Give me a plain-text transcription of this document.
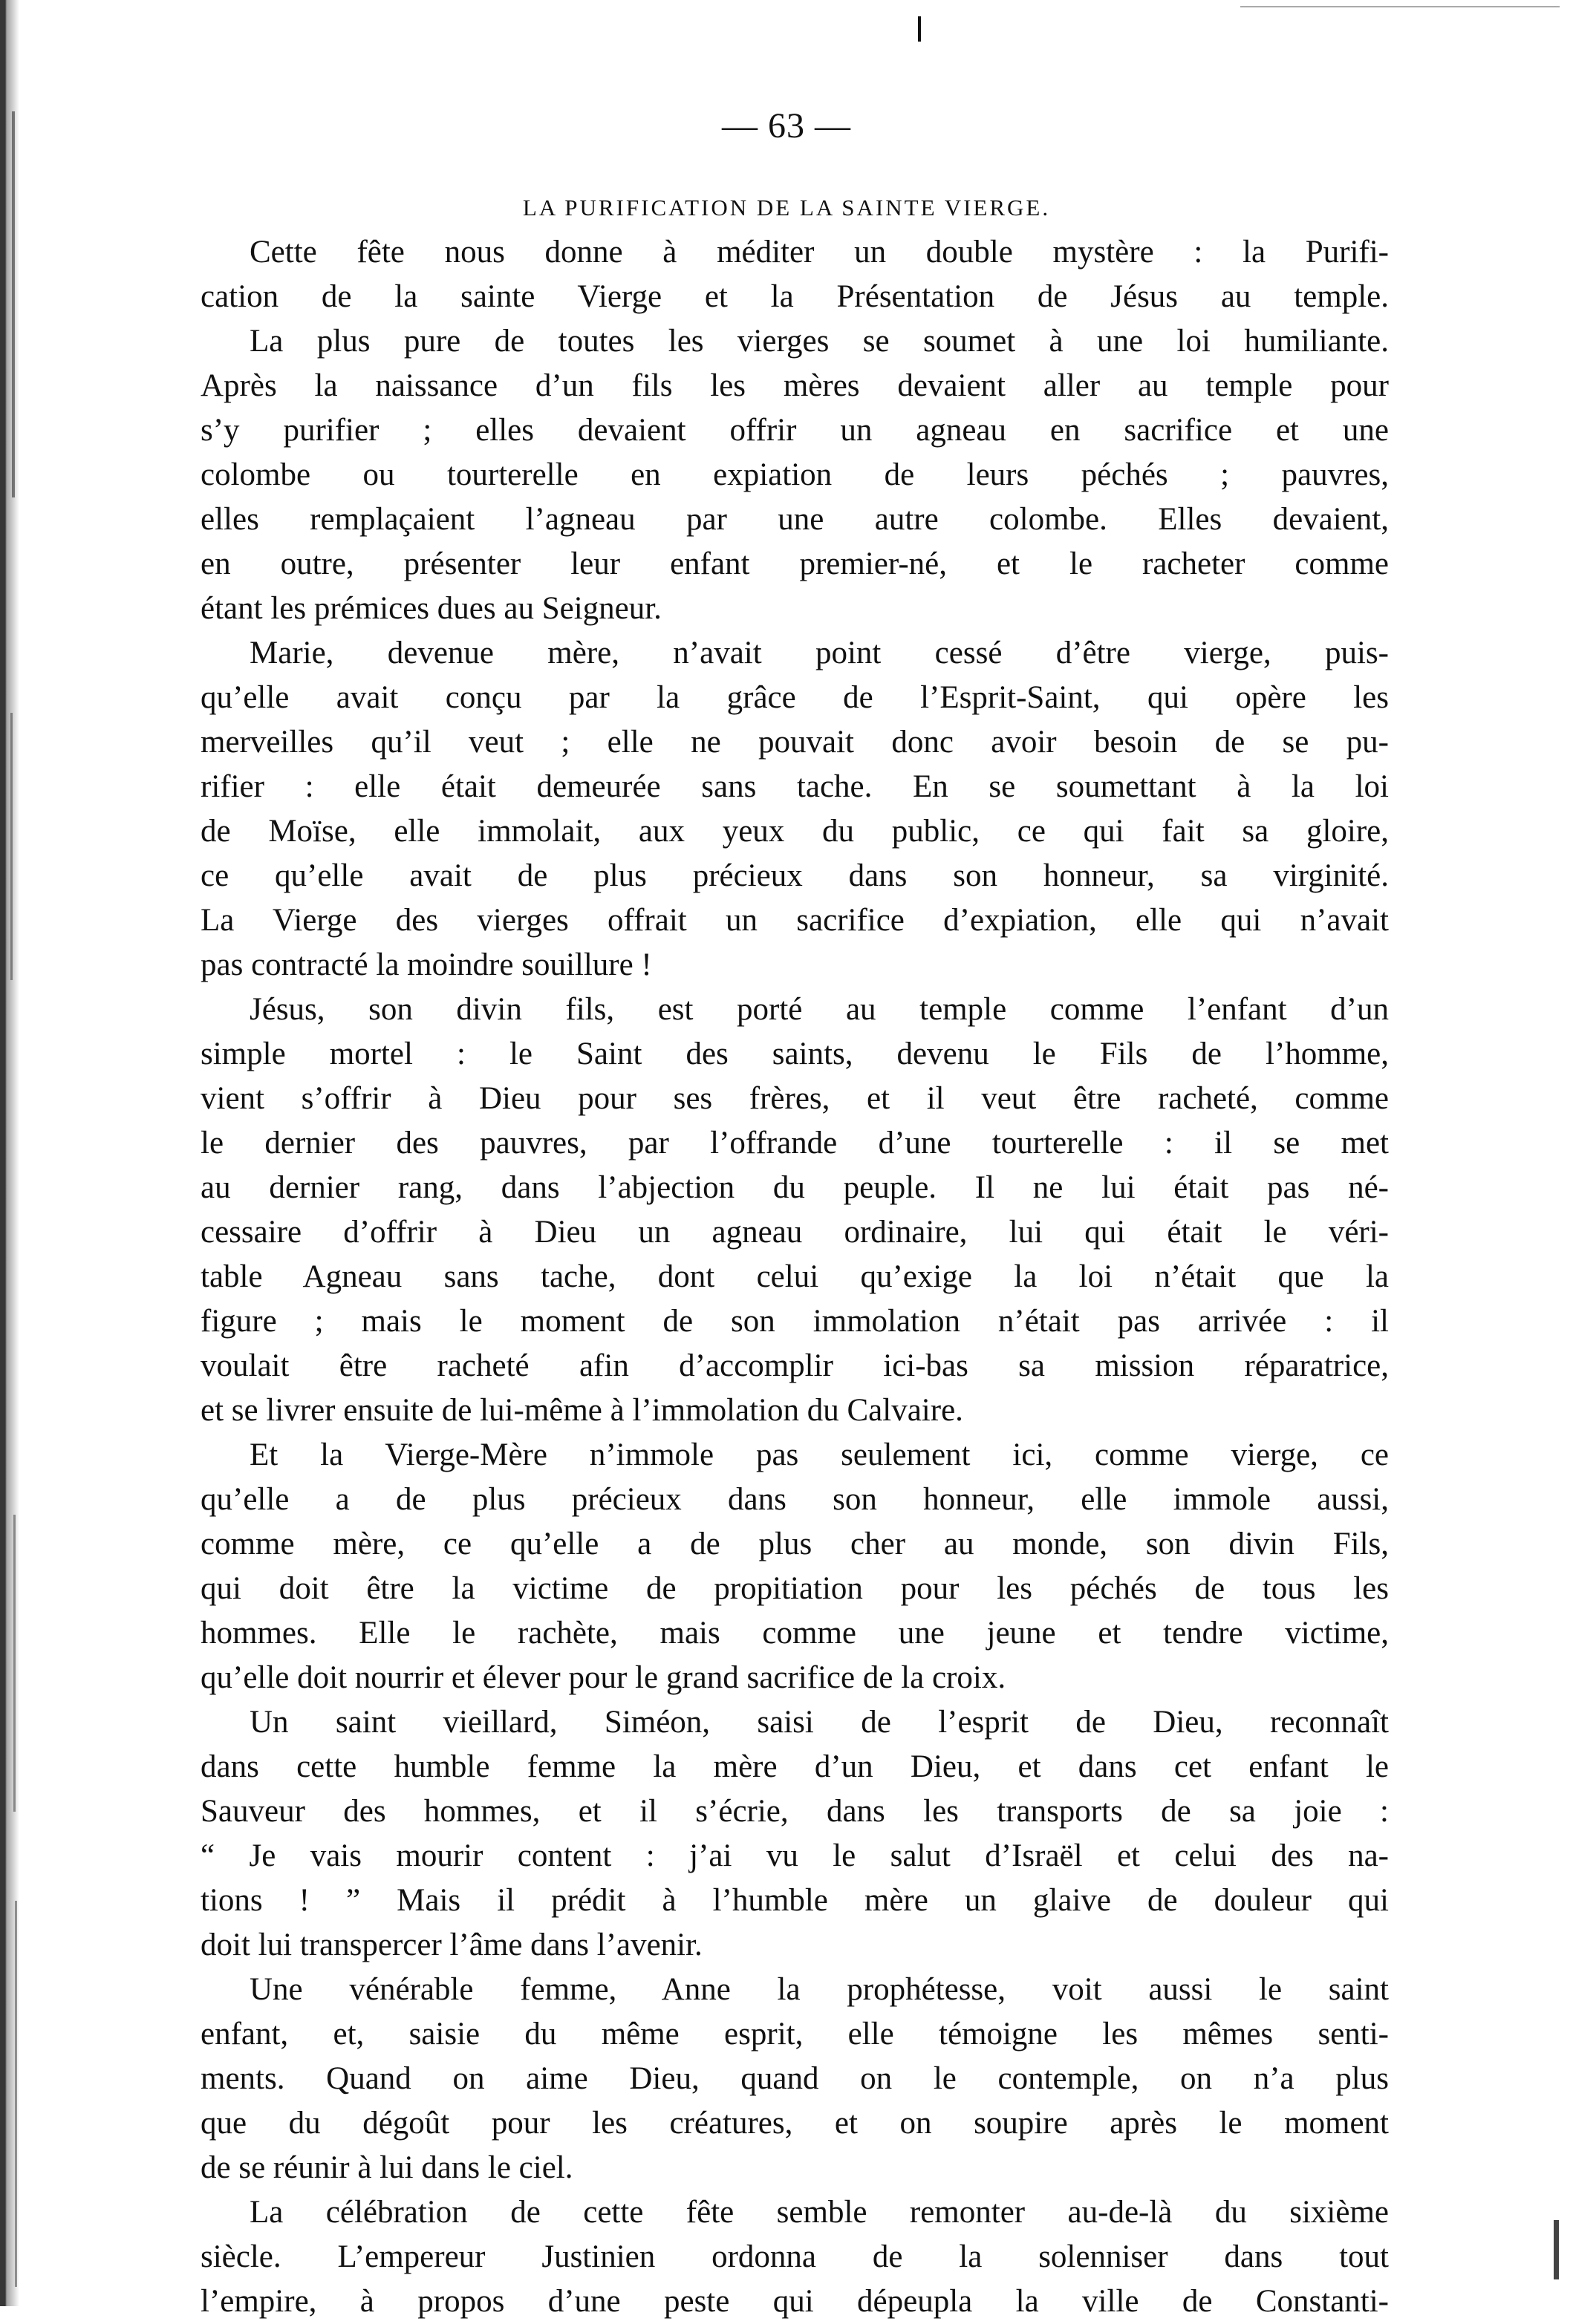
— 63 —
LA PURIFICATION DE LA SAINTE VIERGE.

Cette fête nous donne à méditer un double mystère : la Purifi-
cation de la sainte Vierge et la Présentation de Jésus au temple.
La plus pure de toutes les vierges se soumet à une loi humiliante.
Après la naissance d’un fils les mères devaient aller au temple pour
s’y purifier ; elles devaient offrir un agneau en sacrifice et une
colombe ou tourterelle en expiation de leurs péchés ; pauvres,
elles remplaçaient l’agneau par une autre colombe. Elles devaient,
en outre, présenter leur enfant premier-né, et le racheter comme
étant les prémices dues au Seigneur.

Marie, devenue mère, n’avait point cessé d’être vierge, puis-
qu’elle avait conçu par la grâce de l’Esprit-Saint, qui opère les
merveilles qu’il veut ; elle ne pouvait donc avoir besoin de se pu-
rifier : elle était demeurée sans tache. En se soumettant à la loi
de Moïse, elle immolait, aux yeux du public, ce qui fait sa gloire,
ce qu’elle avait de plus précieux dans son honneur, sa virginité.
La Vierge des vierges offrait un sacrifice d’expiation, elle qui n’avait
pas contracté la moindre souillure !

Jésus, son divin fils, est porté au temple comme l’enfant d’un
simple mortel : le Saint des saints, devenu le Fils de l’homme,
vient s’offrir à Dieu pour ses frères, et il veut être racheté, comme
le dernier des pauvres, par l’offrande d’une tourterelle : il se met
au dernier rang, dans l’abjection du peuple. Il ne lui était pas né-
cessaire d’offrir à Dieu un agneau ordinaire, lui qui était le véri-
table Agneau sans tache, dont celui qu’exige la loi n’était que la
figure ; mais le moment de son immolation n’était pas arrivée : il
voulait être racheté afin d’accomplir ici-bas sa mission réparatrice,
et se livrer ensuite de lui-même à l’immolation du Calvaire.

Et la Vierge-Mère n’immole pas seulement ici, comme vierge, ce
qu’elle a de plus précieux dans son honneur, elle immole aussi,
comme mère, ce qu’elle a de plus cher au monde, son divin Fils,
qui doit être la victime de propitiation pour les péchés de tous les
hommes. Elle le rachète, mais comme une jeune et tendre victime,
qu’elle doit nourrir et élever pour le grand sacrifice de la croix.

Un saint vieillard, Siméon, saisi de l’esprit de Dieu, reconnaît
dans cette humble femme la mère d’un Dieu, et dans cet enfant le
Sauveur des hommes, et il s’écrie, dans les transports de sa joie :
“ Je vais mourir content : j’ai vu le salut d’Israël et celui des na-
tions ! ” Mais il prédit à l’humble mère un glaive de douleur qui
doit lui transpercer l’âme dans l’avenir.

Une vénérable femme, Anne la prophétesse, voit aussi le saint
enfant, et, saisie du même esprit, elle témoigne les mêmes senti-
ments. Quand on aime Dieu, quand on le contemple, on n’a plus
que du dégoût pour les créatures, et on soupire après le moment
de se réunir à lui dans le ciel.

La célébration de cette fête semble remonter au-de-là du sixième
siècle. L’empereur Justinien ordonna de la solenniser dans tout
l’empire, à propos d’une peste qui dépeupla la ville de Constanti-
